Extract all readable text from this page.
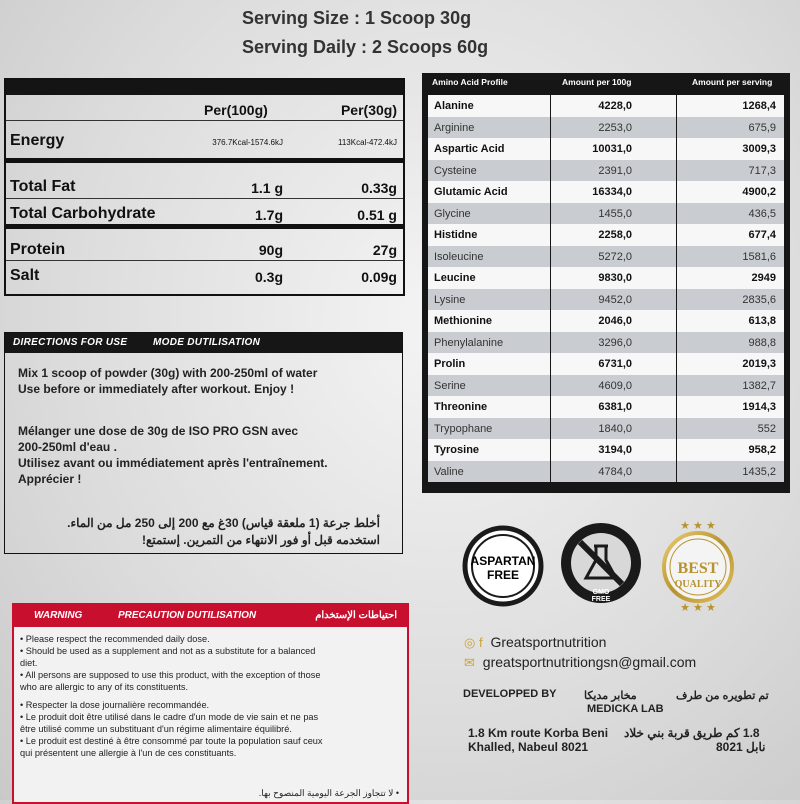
Serving Size : 1 Scoop 30g
Serving Daily : 2 Scoops 60g
Per(100g)	Per(30g)
Energy	376.7Kcal-1574.6kJ	113Kcal-472.4kJ
Total Fat	1.1 g	0.33g
Total Carbohydrate	1.7g	0.51 g
Protein	90g	27g
Salt	0.3g	0.09g
DIRECTIONS FOR USE	MODE DUTILISATION
Mix 1 scoop of powder (30g) with 200-250ml of water
Use before or immediately after workout. Enjoy !
Mélanger une dose de 30g de ISO PRO GSN avec
200-250ml d'eau .
Utilisez avant ou immédiatement après l'entraînement.
Apprécier !
أخلط جرعة (1 ملعقة قياس) 30غ مع 200 إلى 250 مل من الماء.
استخدمه قبل أو فور الانتهاء من التمرين. إستمتع!
WARNING	PRECAUTION DUTILISATION	احتياطات الإستخدام

• Please respect the recommended daily dose.

• Should be used as a supplement and not as a substitute for a balanced

diet.

• All persons are supposed to use this product, with the exception of those

who are allergic to any of its constituents.

• Respecter la dose journalière recommandée.

• Le produit doit être utilisé dans le cadre d'un mode de vie sain et ne pas

être utilisé comme un substituant d'un régime alimentaire équilibré.

• Le produit est destiné à être consommé par toute la population sauf ceux

qui présentent une allergie à l'un de ces constituants.

• لا تتجاوز الجرعة اليومية المنصوح بها.
Amino Acid Profile	Amount per 100g	Amount per serving
Alanine	4228,0	1268,4
Arginine	2253,0	675,9
Aspartic Acid	10031,0	3009,3
Cysteine	2391,0	717,3
Glutamic Acid	16334,0	4900,2
Glycine	1455,0	436,5
Histidne	2258,0	677,4
Isoleucine	5272,0	1581,6
Leucine	9830,0	2949
Lysine	9452,0	2835,6
Methionine	2046,0	613,8
Phenylalanine	3296,0	988,8
Prolin	6731,0	2019,3
Serine	4609,0	1382,7
Threonine	6381,0	1914,3
Trypophane	1840,0	552
Tyrosine	3194,0	958,2
Valine	4784,0	1435,2
ASPARTAN
FREE
GMO
FREE
★ ★ ★
BEST
QUALITY
★ ★ ★
◎ f Greatsportnutrition
✉ greatsportnutritiongsn@gmail.com
DEVELOPPED BY مخابر مديكا	تم تطويره من طرف
MEDICKA LAB
1.8 Km route Korba Beni
Khalled, Nabeul 8021
1.8 كم طريق قربة بني خلاد
نابل 8021
